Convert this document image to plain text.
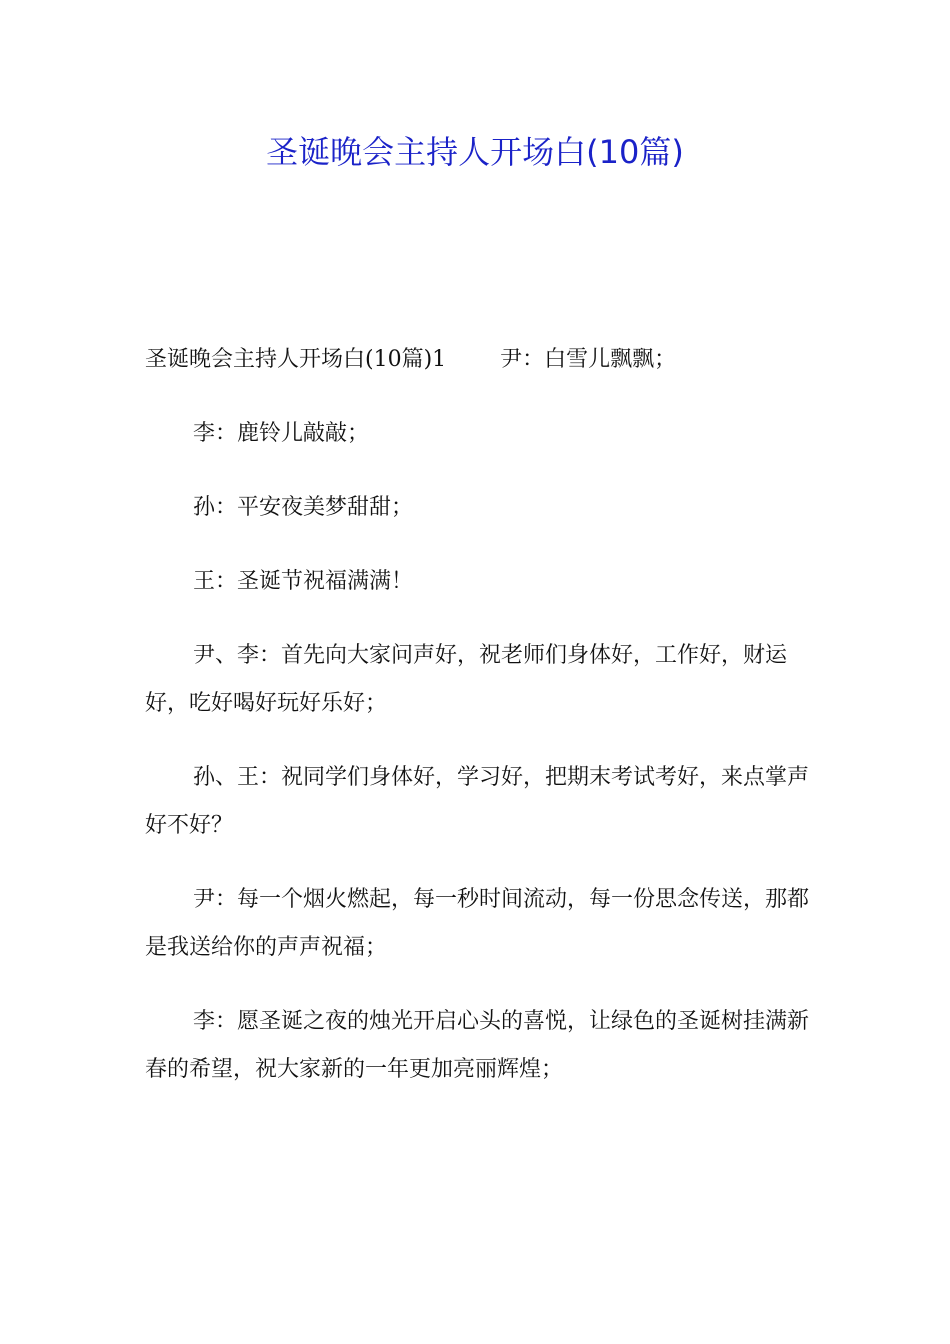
圣诞晚会主持人开场白(10篇)

圣诞晚会主持人开场白(10篇)1 尹：白雪儿飘飘；

李：鹿铃儿敲敲；

孙：平安夜美梦甜甜；

王：圣诞节祝福满满！

尹、李：首先向大家问声好，祝老师们身体好，工作好，财运好，吃好喝好玩好乐好；

孙、王：祝同学们身体好，学习好，把期末考试考好，来点掌声好不好？

尹：每一个烟火燃起，每一秒时间流动，每一份思念传送，那都是我送给你的声声祝福；

李：愿圣诞之夜的烛光开启心头的喜悦，让绿色的圣诞树挂满新春的希望，祝大家新的一年更加亮丽辉煌；
